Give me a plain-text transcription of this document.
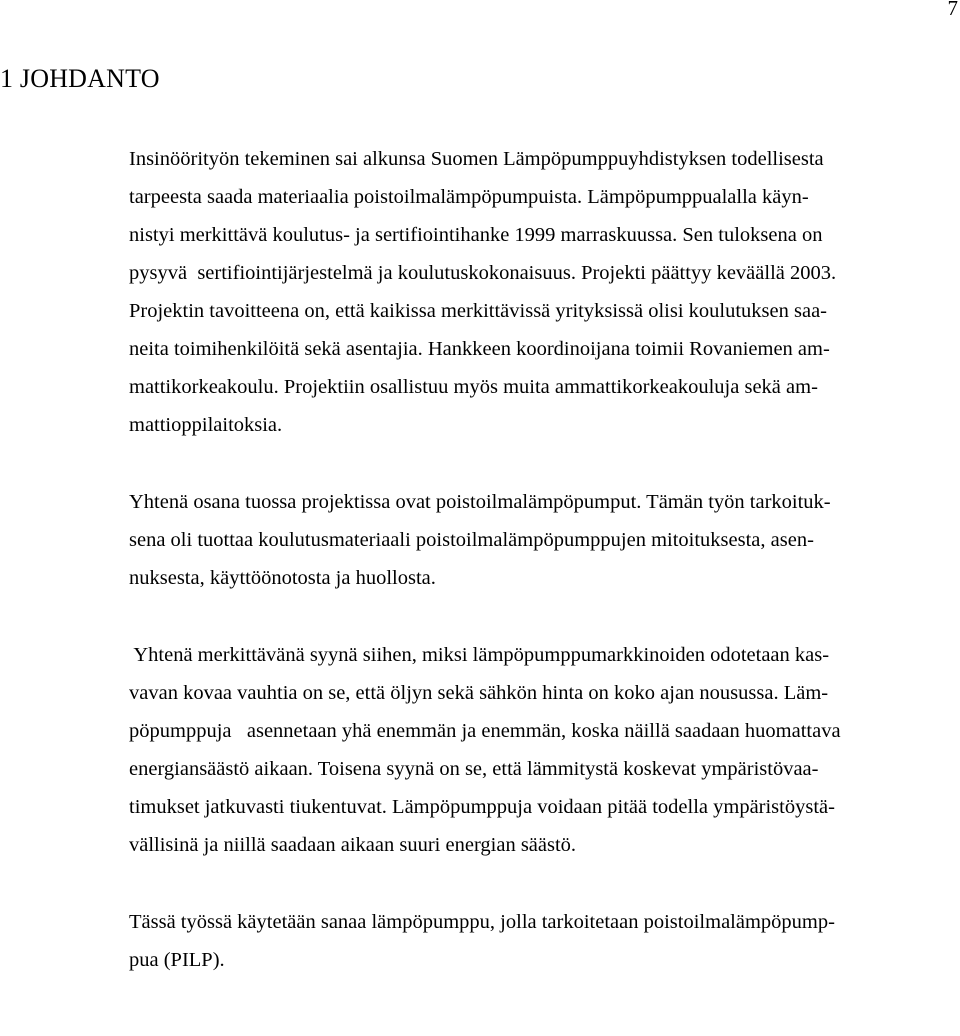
7
1 JOHDANTO

Insinöörityön tekeminen sai alkunsa Suomen Lämpöpumppuyhdistyksen todellisesta
tarpeesta saada materiaalia poistoilmalämpöpumpuista. Lämpöpumppualalla käyn-
nistyi merkittävä koulutus- ja sertifiointihanke 1999 marraskuussa. Sen tuloksena on
pysyvä  sertifiointijärjestelmä ja koulutuskokonaisuus. Projekti päättyy keväällä 2003.
Projektin tavoitteena on, että kaikissa merkittävissä yrityksissä olisi koulutuksen saa-
neita toimihenkilöitä sekä asentajia. Hankkeen koordinoijana toimii Rovaniemen am-
mattikorkeakoulu. Projektiin osallistuu myös muita ammattikorkeakouluja sekä am-
mattioppilaitoksia.

Yhtenä osana tuossa projektissa ovat poistoilmalämpöpumput. Tämän työn tarkoituk-
sena oli tuottaa koulutusmateriaali poistoilmalämpöpumppujen mitoituksesta, asen-
nuksesta, käyttöönotosta ja huollosta.

Yhtenä merkittävänä syynä siihen, miksi lämpöpumppumarkkinoiden odotetaan kas-
vavan kovaa vauhtia on se, että öljyn sekä sähkön hinta on koko ajan nousussa. Läm-
pöpumppuja   asennetaan yhä enemmän ja enemmän, koska näillä saadaan huomattava
energiansäästö aikaan. Toisena syynä on se, että lämmitystä koskevat ympäristövaa-
timukset jatkuvasti tiukentuvat. Lämpöpumppuja voidaan pitää todella ympäristöystä-
vällisinä ja niillä saadaan aikaan suuri energian säästö.

Tässä työssä käytetään sanaa lämpöpumppu, jolla tarkoitetaan poistoilmalämpöpump-
pua (PILP).
